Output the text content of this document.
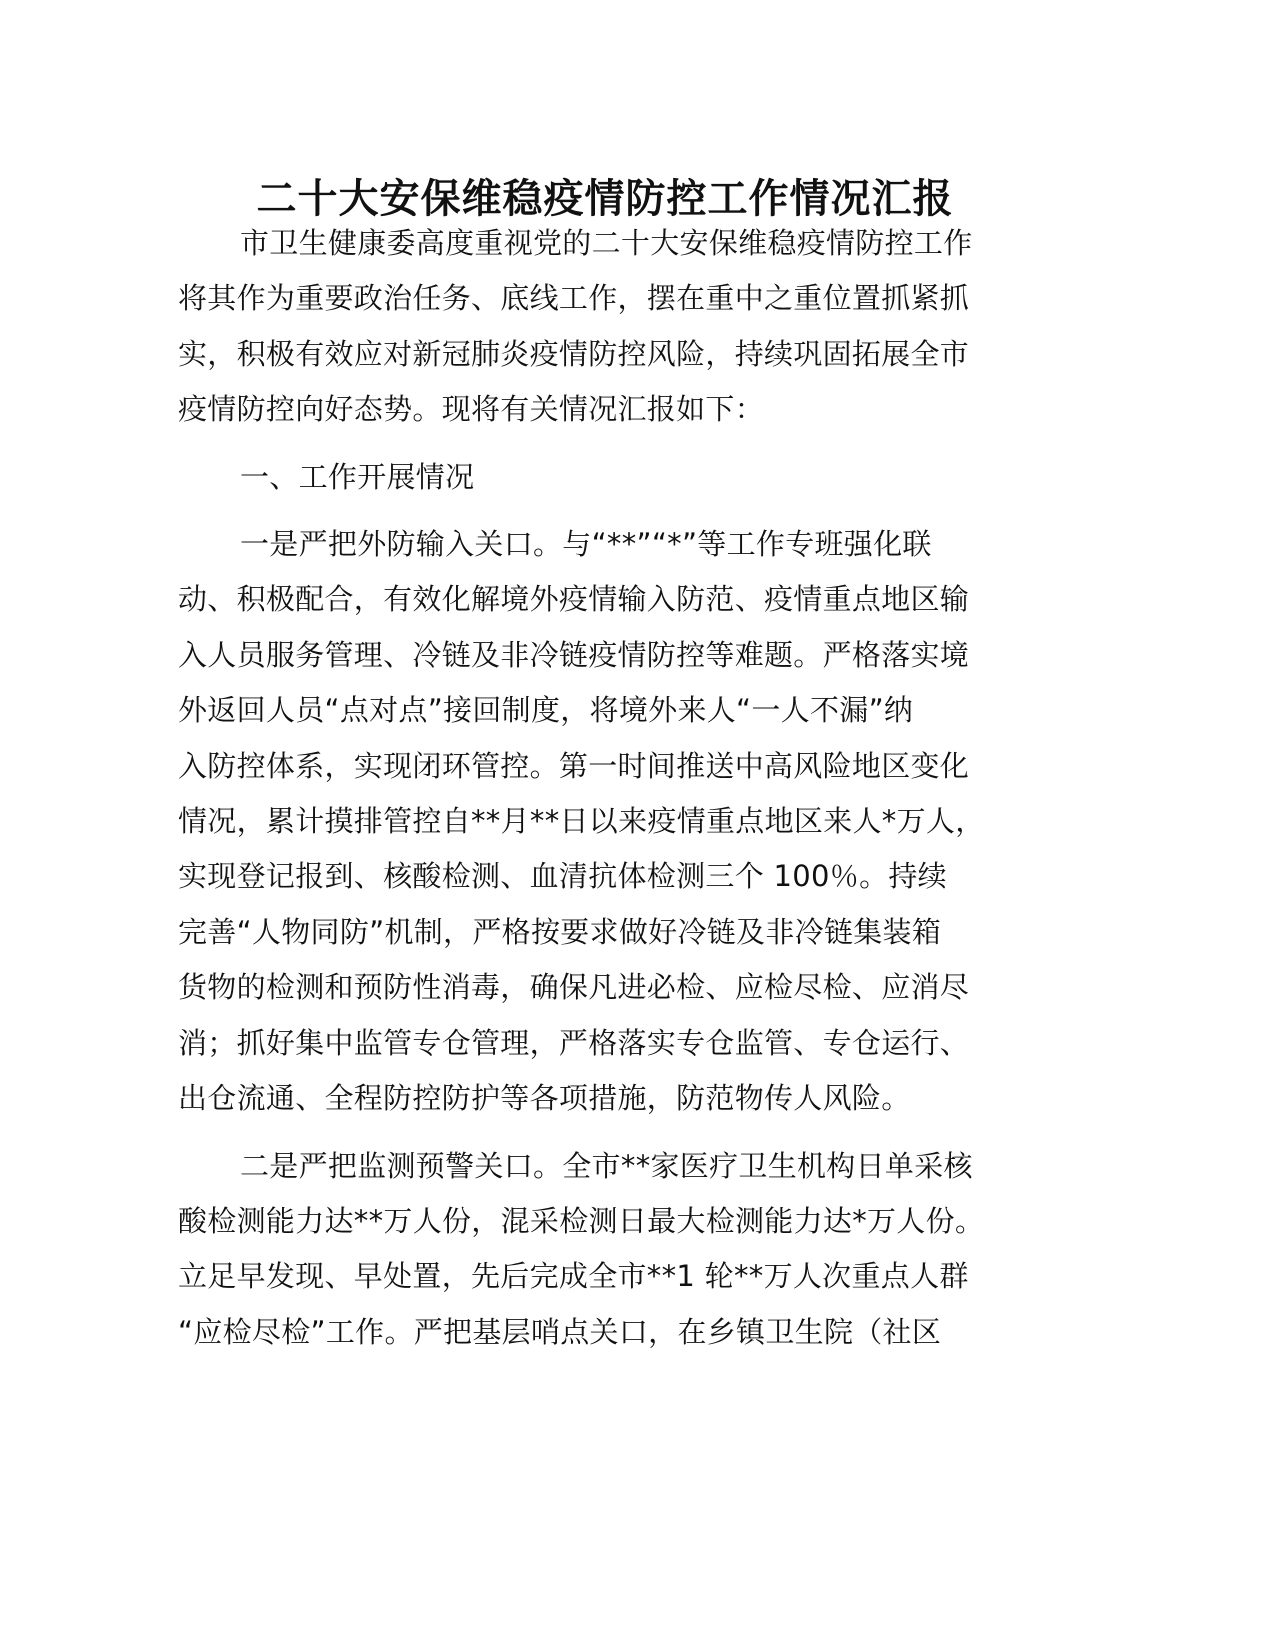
二十大安保维稳疫情防控工作情况汇报
市卫生健康委高度重视党的二十大安保维稳疫情防控工作
将其作为重要政治任务、底线工作，摆在重中之重位置抓紧抓
实，积极有效应对新冠肺炎疫情防控风险，持续巩固拓展全市
疫情防控向好态势。现将有关情况汇报如下：
一、工作开展情况
一是严把外防输入关口。与“**”“*”等工作专班强化联
动、积极配合，有效化解境外疫情输入防范、疫情重点地区输
入人员服务管理、冷链及非冷链疫情防控等难题。严格落实境
外返回人员“点对点”接回制度，将境外来人“一人不漏”纳
入防控体系，实现闭环管控。第一时间推送中高风险地区变化
情况，累计摸排管控自**月**日以来疫情重点地区来人*万人，
实现登记报到、核酸检测、血清抗体检测三个 100％。持续
完善“人物同防”机制，严格按要求做好冷链及非冷链集装箱
货物的检测和预防性消毒，确保凡进必检、应检尽检、应消尽
消；抓好集中监管专仓管理，严格落实专仓监管、专仓运行、
出仓流通、全程防控防护等各项措施，防范物传人风险。
二是严把监测预警关口。全市**家医疗卫生机构日单采核
酸检测能力达**万人份，混采检测日最大检测能力达*万人份。
立足早发现、早处置，先后完成全市**1 轮**万人次重点人群
“应检尽检”工作。严把基层哨点关口，在乡镇卫生院（社区
